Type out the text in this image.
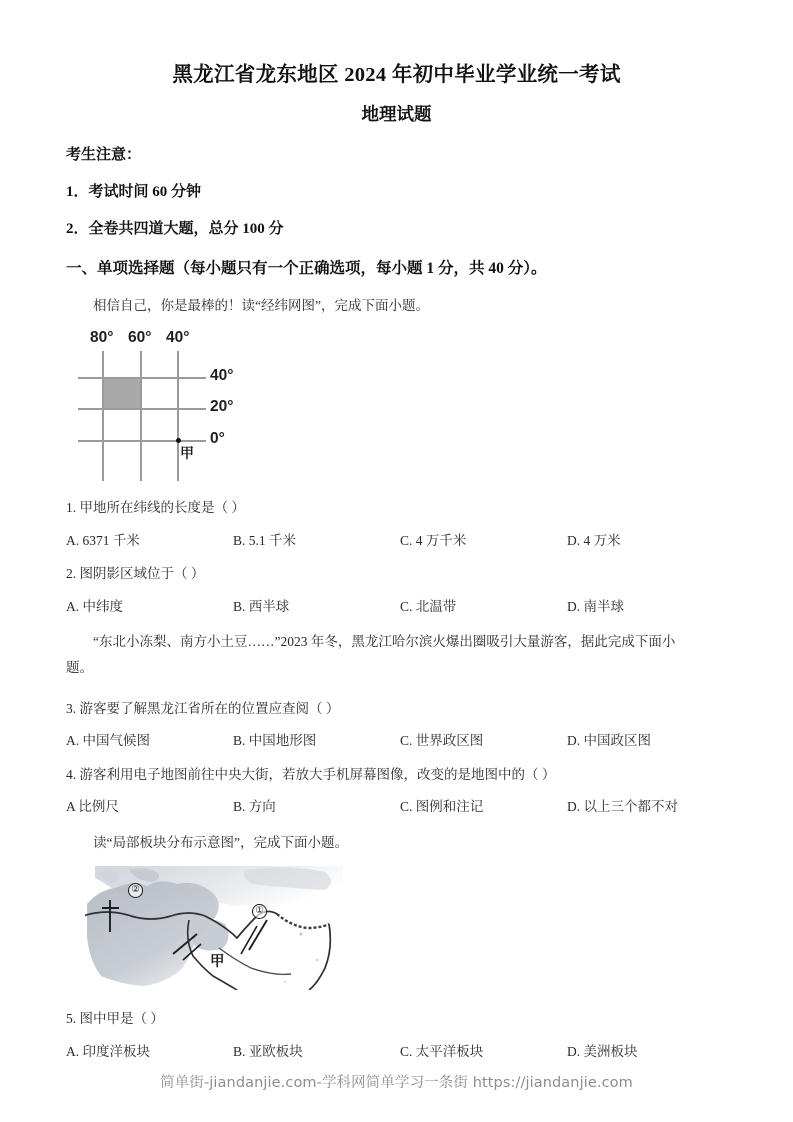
黑龙江省龙东地区 2024 年初中毕业学业统一考试
地理试题
考生注意：
1．考试时间 60 分钟
2．全卷共四道大题，总分 100 分
一、单项选择题（每小题只有一个正确选项，每小题 1 分，共 40 分）。

相信自己，你是最棒的！读“经纬网图”，完成下面小题。

80° 60° 40°
40°
20°
0°
甲
1. 甲地所在纬线的长度是（ ）
A. 6371 千米	B. 5.1 千米	C. 4 万千米	D. 4 万米
2. 图阴影区域位于（ ）
A. 中纬度	B. 西半球	C. 北温带	D. 南半球

“东北小冻梨、南方小土豆……”2023 年冬，黑龙江哈尔滨火爆出圈吸引大量游客，据此完成下面小

题。

3. 游客要了解黑龙江省所在的位置应查阅（ ）
A. 中国气候图	B. 中国地形图	C. 世界政区图	D. 中国政区图
4. 游客利用电子地图前往中央大街，若放大手机屏幕图像，改变的是地图中的（ ）
A 比例尺	B. 方向	C. 图例和注记	D. 以上三个都不对

读“局部板块分布示意图”，完成下面小题。

②
①
甲
5. 图中甲是（ ）
A. 印度洋板块	B. 亚欧板块	C. 太平洋板块	D. 美洲板块
简单街-jiandanjie.com-学科网简单学习一条街 https://jiandanjie.com
